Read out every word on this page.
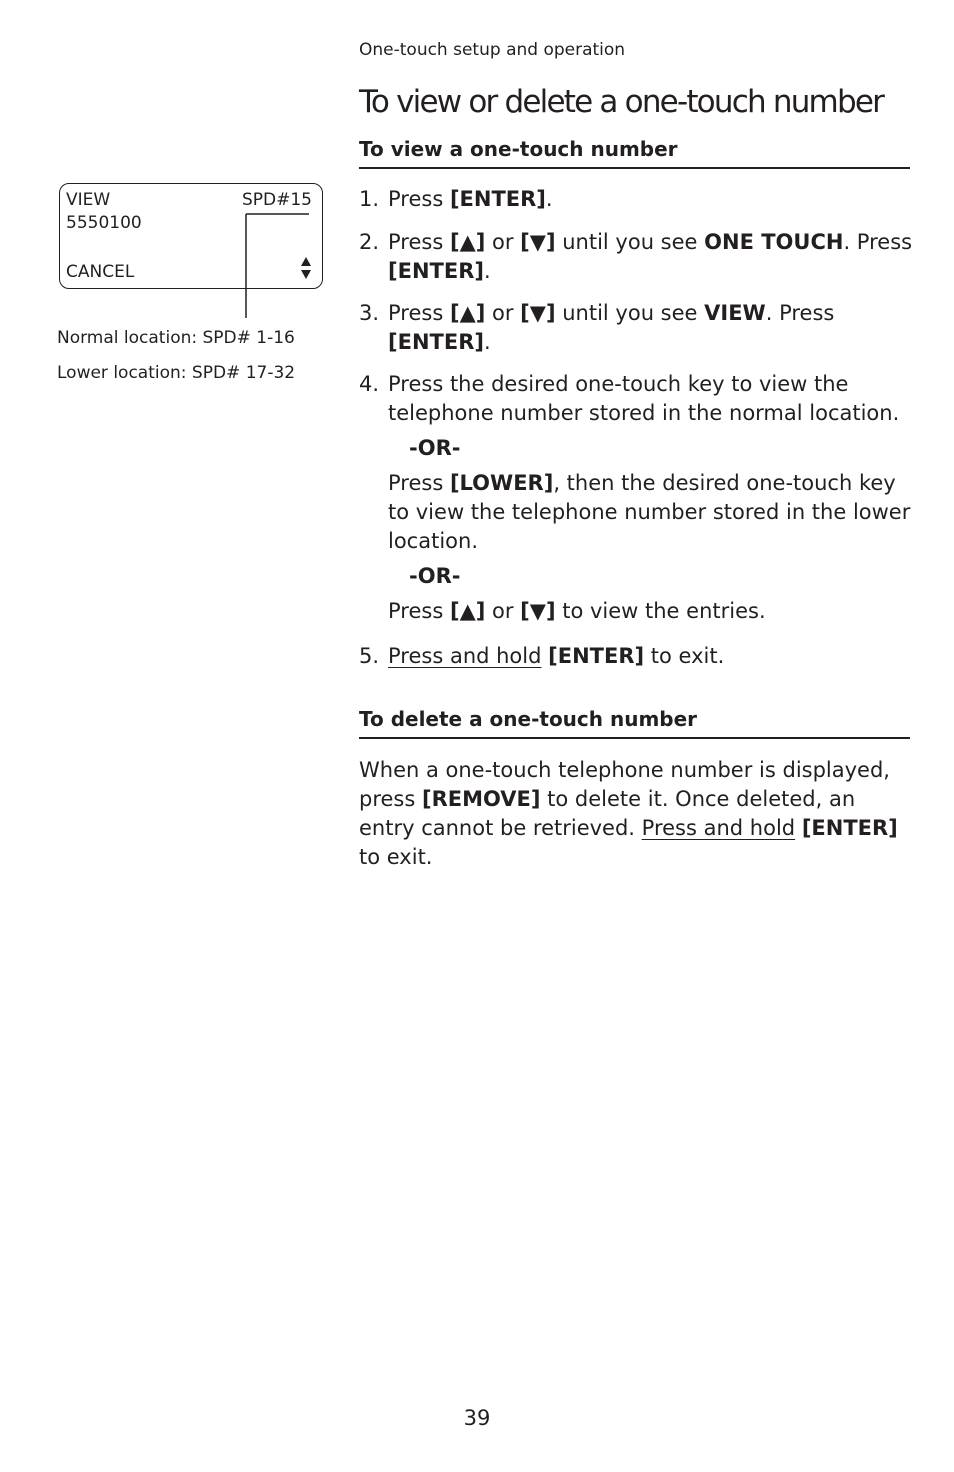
One-touch setup and operation
To view or delete a one-touch number
VIEW	SPD#15
5550100
CANCEL
Normal location: SPD# 1-16
Lower location: SPD# 17-32
To view a one-touch number
1. Press [ENTER].
2. Press [▲] or [▼] until you see ONE TOUCH. Press [ENTER].
3. Press [▲] or [▼] until you see VIEW. Press [ENTER].
4. Press the desired one-touch key to view the telephone number stored in the normal location.
-OR-
Press [LOWER], then the desired one-touch key to view the telephone number stored in the lower location.
-OR-
Press [▲] or [▼] to view the entries.
5. Press and hold [ENTER] to exit.
To delete a one-touch number
When a one-touch telephone number is displayed, press [REMOVE] to delete it. Once deleted, an entry cannot be retrieved. Press and hold [ENTER] to exit.
39
